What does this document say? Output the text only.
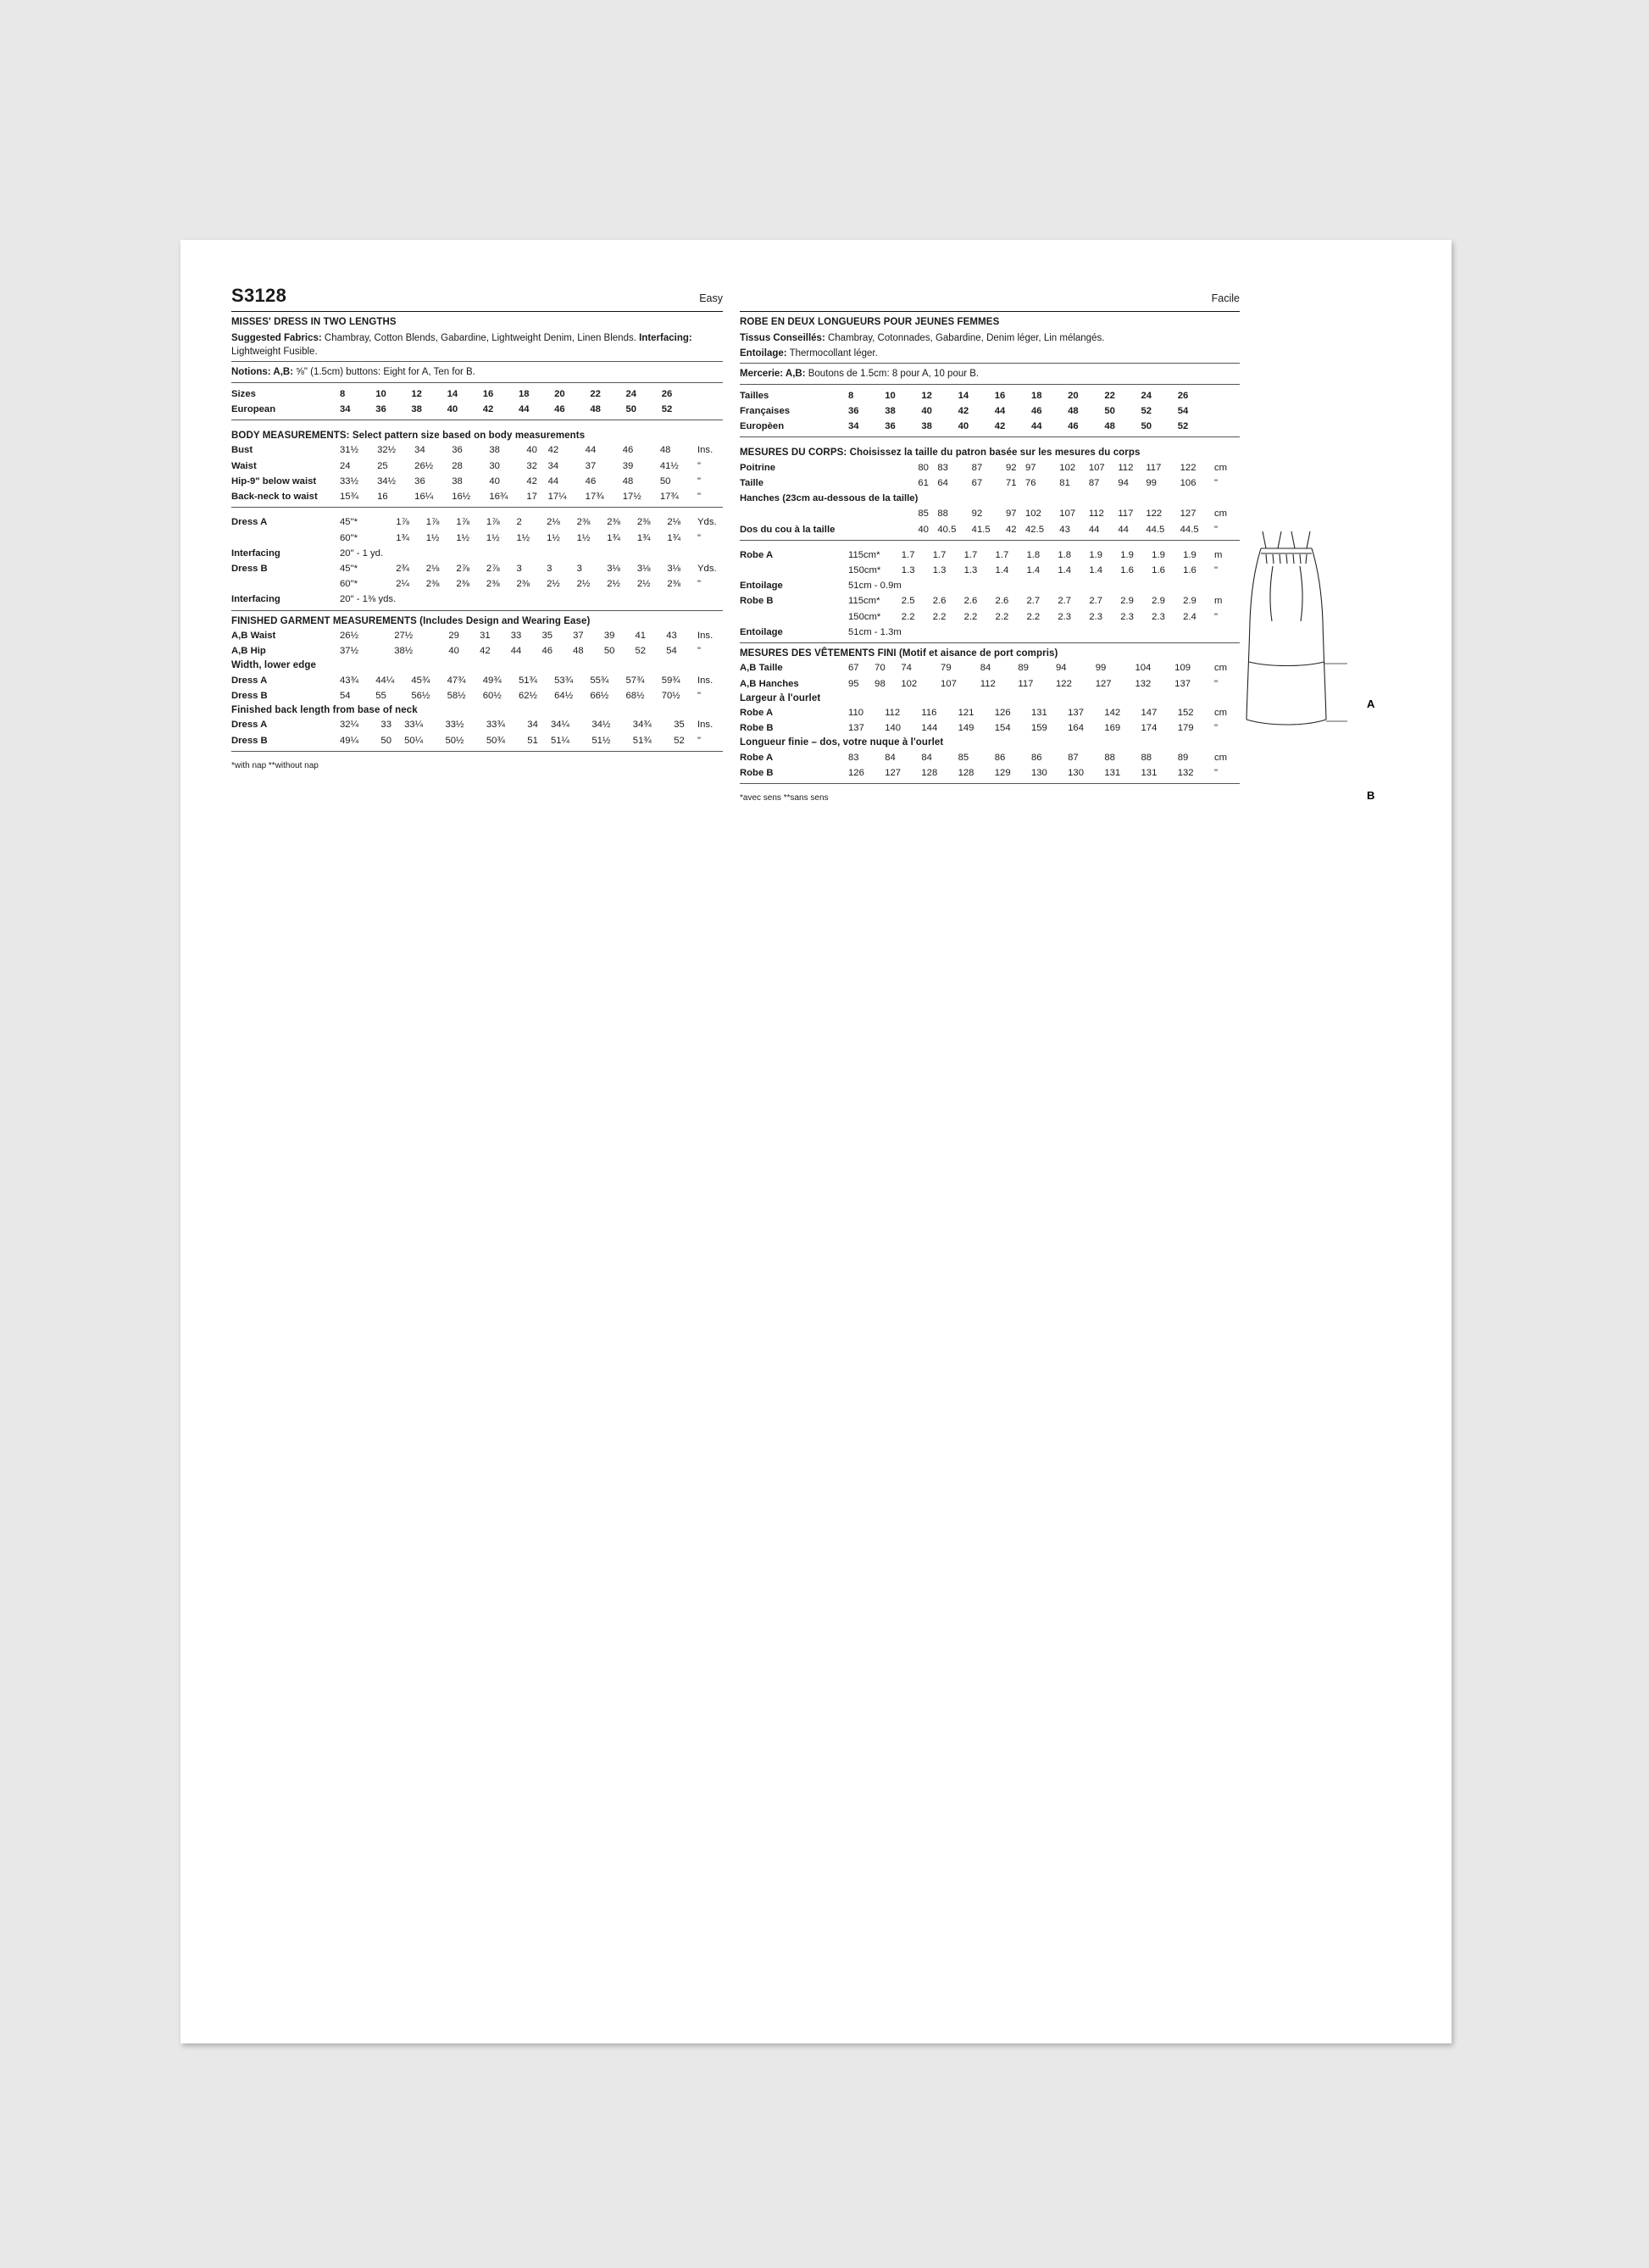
S3128	Easy
MISSES' DRESS IN TWO LENGTHS
Suggested Fabrics: Chambray, Cotton Blends, Gabardine, Lightweight Denim, Linen Blends. Interfacing: Lightweight Fusible.
Notions: A,B: ⅝" (1.5cm) buttons: Eight for A, Ten for B.
Sizes	8	10	12	14	16	18	20	22	24	26	
European	34	36	38	40	42	44	46	48	50	52	
BODY MEASUREMENTS: Select pattern size based on body measurements
Bust	31½	32½	34	36	38	40	42	44	46	48	Ins.
Waist	24	25	26½	28	30	32	34	37	39	41½	"
Hip-9" below waist	33½	34½	36	38	40	42	44	46	48	50	"
Back-neck to waist	15¾	16	16¼	16½	16¾	17	17¼	17¾	17½	17¾	"
Dress A	45"*	1⅞	1⅞	1⅞	1⅞	2	2⅛	2⅜	2⅜	2⅜	2⅛	Yds.
	60"*	1¾	1½	1½	1½	1½	1½	1½	1¾	1¾	1¾	"
Interfacing	20" - 1 yd.											
Dress B	45"*	2¾	2⅛	2⅞	2⅞	3	3	3	3⅛	3⅛	3⅛	Yds.
	60"*	2¼	2⅜	2⅜	2⅜	2⅜	2½	2½	2½	2½	2⅜	"
Interfacing	20" - 1⅜ yds.											
FINISHED GARMENT MEASUREMENTS (Includes Design and Wearing Ease)
A,B Waist	26½	27½	29	31	33	35	37	39	41	43	Ins.
A,B Hip	37½	38½	40	42	44	46	48	50	52	54	"
Width, lower edge
Dress A	43¾	44¼	45¾	47¾	49¾	51¾	53¾	55¾	57¾	59¾	Ins.
Dress B	54	55	56½	58½	60½	62½	64½	66½	68½	70½	"
Finished back length from base of neck
Dress A	32¼	33	33¼	33½	33¾	34	34¼	34½	34¾	35	Ins.
Dress B	49¼	50	50¼	50½	50¾	51	51¼	51½	51¾	52	"
*with nap **without nap
Facile
ROBE EN DEUX LONGUEURS POUR JEUNES FEMMES
Tissus Conseillés: Chambray, Cotonnades, Gabardine, Denim léger, Lin mélangés.
Entoilage: Thermocollant léger.
Mercerie: A,B: Boutons de 1.5cm: 8 pour A, 10 pour B.
Tailles	8	10	12	14	16	18	20	22	24	26	
Françaises	36	38	40	42	44	46	48	50	52	54	
Europèen	34	36	38	40	42	44	46	48	50	52	
MESURES DU CORPS: Choisissez la taille du patron basée sur les mesures du corps
Poitrine	80	83	87	92	97	102	107	112	117	122	cm
Taille	61	64	67	71	76	81	87	94	99	106	"
Hanches (23cm au-dessous de la taille)											
	85	88	92	97	102	107	112	117	122	127	cm
Dos du cou à la taille	40	40.5	41.5	42	42.5	43	44	44	44.5	44.5	"
Robe A	115cm*	1.7	1.7	1.7	1.7	1.8	1.8	1.9	1.9	1.9	1.9	m
	150cm*	1.3	1.3	1.3	1.4	1.4	1.4	1.4	1.6	1.6	1.6	"
Entoilage	51cm - 0.9m											
Robe B	115cm*	2.5	2.6	2.6	2.6	2.7	2.7	2.7	2.9	2.9	2.9	m
	150cm*	2.2	2.2	2.2	2.2	2.2	2.3	2.3	2.3	2.3	2.4	"
Entoilage	51cm - 1.3m											
MESURES DES VÊTEMENTS FINI (Motif et aisance de port compris)
A,B Taille	67	70	74	79	84	89	94	99	104	109	cm
A,B Hanches	95	98	102	107	112	117	122	127	132	137	"
Largeur à l'ourlet
Robe A	110	112	116	121	126	131	137	142	147	152	cm
Robe B	137	140	144	149	154	159	164	169	174	179	"
Longueur finie – dos, votre nuque à l'ourlet
Robe A	83	84	84	85	86	86	87	88	88	89	cm
Robe B	126	127	128	128	129	130	130	131	131	132	"
*avec sens **sans sens
A
B
